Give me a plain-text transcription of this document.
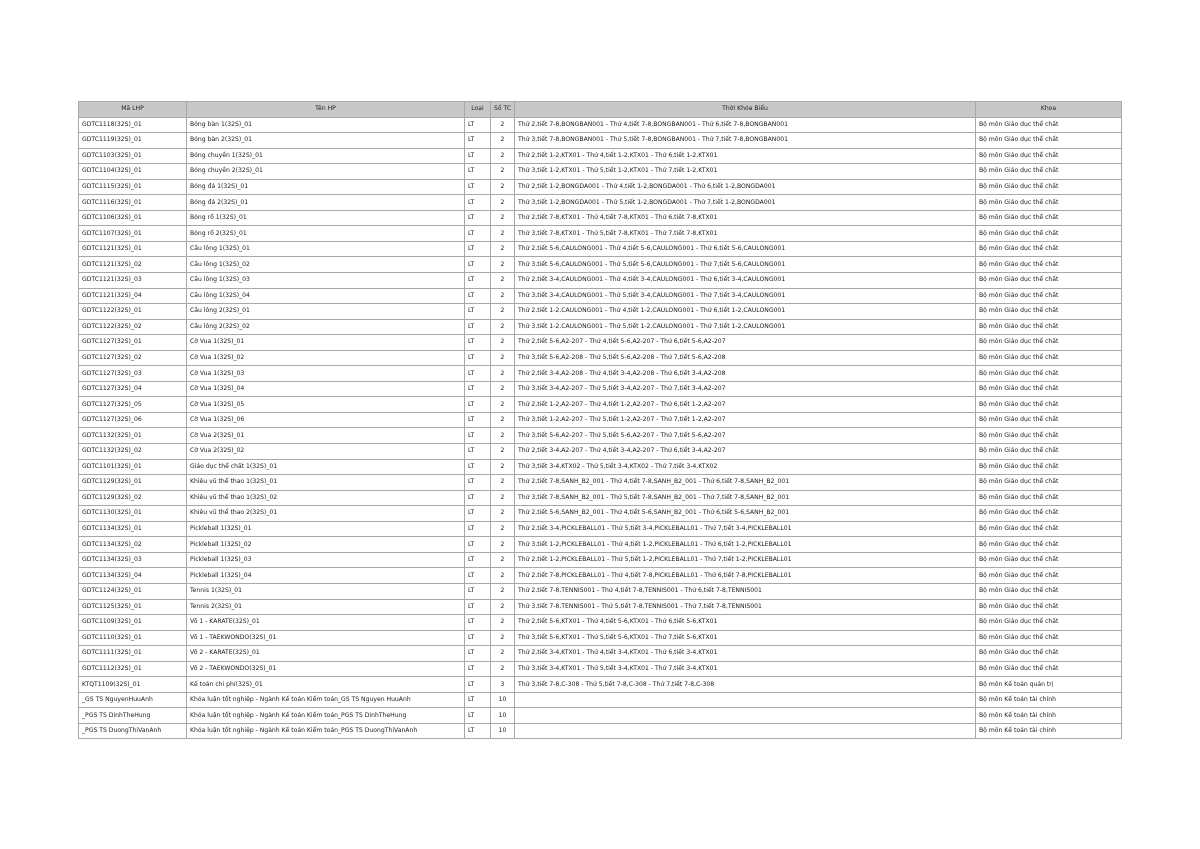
Mã LHP	Tên HP	Loại	Số TC	Thời Khóa Biểu	Khoa
GDTC1118(32S)_01	Bóng bàn 1(32S)_01	LT	2	Thứ 2,tiết 7-8,BONGBAN001 - Thứ 4,tiết 7-8,BONGBAN001 - Thứ 6,tiết 7-8,BONGBAN001	Bộ môn Giáo dục thể chất
GDTC1119(32S)_01	Bóng bàn 2(32S)_01	LT	2	Thứ 3,tiết 7-8,BONGBAN001 - Thứ 5,tiết 7-8,BONGBAN001 - Thứ 7,tiết 7-8,BONGBAN001	Bộ môn Giáo dục thể chất
GDTC1103(32S)_01	Bóng chuyền 1(32S)_01	LT	2	Thứ 2,tiết 1-2,KTX01 - Thứ 4,tiết 1-2,KTX01 - Thứ 6,tiết 1-2,KTX01	Bộ môn Giáo dục thể chất
GDTC1104(32S)_01	Bóng chuyền 2(32S)_01	LT	2	Thứ 3,tiết 1-2,KTX01 - Thứ 5,tiết 1-2,KTX01 - Thứ 7,tiết 1-2,KTX01	Bộ môn Giáo dục thể chất
GDTC1115(32S)_01	Bóng đá 1(32S)_01	LT	2	Thứ 2,tiết 1-2,BONGDA001 - Thứ 4,tiết 1-2,BONGDA001 - Thứ 6,tiết 1-2,BONGDA001	Bộ môn Giáo dục thể chất
GDTC1116(32S)_01	Bóng đá 2(32S)_01	LT	2	Thứ 3,tiết 1-2,BONGDA001 - Thứ 5,tiết 1-2,BONGDA001 - Thứ 7,tiết 1-2,BONGDA001	Bộ môn Giáo dục thể chất
GDTC1106(32S)_01	Bóng rổ 1(32S)_01	LT	2	Thứ 2,tiết 7-8,KTX01 - Thứ 4,tiết 7-8,KTX01 - Thứ 6,tiết 7-8,KTX01	Bộ môn Giáo dục thể chất
GDTC1107(32S)_01	Bóng rổ 2(32S)_01	LT	2	Thứ 3,tiết 7-8,KTX01 - Thứ 5,tiết 7-8,KTX01 - Thứ 7,tiết 7-8,KTX01	Bộ môn Giáo dục thể chất
GDTC1121(32S)_01	Cầu lông 1(32S)_01	LT	2	Thứ 2,tiết 5-6,CAULONG001 - Thứ 4,tiết 5-6,CAULONG001 - Thứ 6,tiết 5-6,CAULONG001	Bộ môn Giáo dục thể chất
GDTC1121(32S)_02	Cầu lông 1(32S)_02	LT	2	Thứ 3,tiết 5-6,CAULONG001 - Thứ 5,tiết 5-6,CAULONG001 - Thứ 7,tiết 5-6,CAULONG001	Bộ môn Giáo dục thể chất
GDTC1121(32S)_03	Cầu lông 1(32S)_03	LT	2	Thứ 2,tiết 3-4,CAULONG001 - Thứ 4,tiết 3-4,CAULONG001 - Thứ 6,tiết 3-4,CAULONG001	Bộ môn Giáo dục thể chất
GDTC1121(32S)_04	Cầu lông 1(32S)_04	LT	2	Thứ 3,tiết 3-4,CAULONG001 - Thứ 5,tiết 3-4,CAULONG001 - Thứ 7,tiết 3-4,CAULONG001	Bộ môn Giáo dục thể chất
GDTC1122(32S)_01	Cầu lông 2(32S)_01	LT	2	Thứ 2,tiết 1-2,CAULONG001 - Thứ 4,tiết 1-2,CAULONG001 - Thứ 6,tiết 1-2,CAULONG001	Bộ môn Giáo dục thể chất
GDTC1122(32S)_02	Cầu lông 2(32S)_02	LT	2	Thứ 3,tiết 1-2,CAULONG001 - Thứ 5,tiết 1-2,CAULONG001 - Thứ 7,tiết 1-2,CAULONG001	Bộ môn Giáo dục thể chất
GDTC1127(32S)_01	Cờ Vua 1(32S)_01	LT	2	Thứ 2,tiết 5-6,A2-207 - Thứ 4,tiết 5-6,A2-207 - Thứ 6,tiết 5-6,A2-207	Bộ môn Giáo dục thể chất
GDTC1127(32S)_02	Cờ Vua 1(32S)_02	LT	2	Thứ 3,tiết 5-6,A2-208 - Thứ 5,tiết 5-6,A2-208 - Thứ 7,tiết 5-6,A2-208	Bộ môn Giáo dục thể chất
GDTC1127(32S)_03	Cờ Vua 1(32S)_03	LT	2	Thứ 2,tiết 3-4,A2-208 - Thứ 4,tiết 3-4,A2-208 - Thứ 6,tiết 3-4,A2-208	Bộ môn Giáo dục thể chất
GDTC1127(32S)_04	Cờ Vua 1(32S)_04	LT	2	Thứ 3,tiết 3-4,A2-207 - Thứ 5,tiết 3-4,A2-207 - Thứ 7,tiết 3-4,A2-207	Bộ môn Giáo dục thể chất
GDTC1127(32S)_05	Cờ Vua 1(32S)_05	LT	2	Thứ 2,tiết 1-2,A2-207 - Thứ 4,tiết 1-2,A2-207 - Thứ 6,tiết 1-2,A2-207	Bộ môn Giáo dục thể chất
GDTC1127(32S)_06	Cờ Vua 1(32S)_06	LT	2	Thứ 3,tiết 1-2,A2-207 - Thứ 5,tiết 1-2,A2-207 - Thứ 7,tiết 1-2,A2-207	Bộ môn Giáo dục thể chất
GDTC1132(32S)_01	Cờ Vua 2(32S)_01	LT	2	Thứ 3,tiết 5-6,A2-207 - Thứ 5,tiết 5-6,A2-207 - Thứ 7,tiết 5-6,A2-207	Bộ môn Giáo dục thể chất
GDTC1132(32S)_02	Cờ Vua 2(32S)_02	LT	2	Thứ 2,tiết 3-4,A2-207 - Thứ 4,tiết 3-4,A2-207 - Thứ 6,tiết 3-4,A2-207	Bộ môn Giáo dục thể chất
GDTC1101(32S)_01	Giáo dục thể chất 1(32S)_01	LT	2	Thứ 3,tiết 3-4,KTX02 - Thứ 5,tiết 3-4,KTX02 - Thứ 7,tiết 3-4,KTX02	Bộ môn Giáo dục thể chất
GDTC1129(32S)_01	Khiêu vũ thể thao 1(32S)_01	LT	2	Thứ 2,tiết 7-8,SANH_B2_001 - Thứ 4,tiết 7-8,SANH_B2_001 - Thứ 6,tiết 7-8,SANH_B2_001	Bộ môn Giáo dục thể chất
GDTC1129(32S)_02	Khiêu vũ thể thao 1(32S)_02	LT	2	Thứ 3,tiết 7-8,SANH_B2_001 - Thứ 5,tiết 7-8,SANH_B2_001 - Thứ 7,tiết 7-8,SANH_B2_001	Bộ môn Giáo dục thể chất
GDTC1130(32S)_01	Khiêu vũ thể thao 2(32S)_01	LT	2	Thứ 2,tiết 5-6,SANH_B2_001 - Thứ 4,tiết 5-6,SANH_B2_001 - Thứ 6,tiết 5-6,SANH_B2_001	Bộ môn Giáo dục thể chất
GDTC1134(32S)_01	Pickleball 1(32S)_01	LT	2	Thứ 2,tiết 3-4,PICKLEBALL01 - Thứ 5,tiết 3-4,PICKLEBALL01 - Thứ 7,tiết 3-4,PICKLEBALL01	Bộ môn Giáo dục thể chất
GDTC1134(32S)_02	Pickleball 1(32S)_02	LT	2	Thứ 3,tiết 1-2,PICKLEBALL01 - Thứ 4,tiết 1-2,PICKLEBALL01 - Thứ 6,tiết 1-2,PICKLEBALL01	Bộ môn Giáo dục thể chất
GDTC1134(32S)_03	Pickleball 1(32S)_03	LT	2	Thứ 2,tiết 1-2,PICKLEBALL01 - Thứ 5,tiết 1-2,PICKLEBALL01 - Thứ 7,tiết 1-2,PICKLEBALL01	Bộ môn Giáo dục thể chất
GDTC1134(32S)_04	Pickleball 1(32S)_04	LT	2	Thứ 2,tiết 7-8,PICKLEBALL01 - Thứ 4,tiết 7-8,PICKLEBALL01 - Thứ 6,tiết 7-8,PICKLEBALL01	Bộ môn Giáo dục thể chất
GDTC1124(32S)_01	Tennis 1(32S)_01	LT	2	Thứ 2,tiết 7-8,TENNIS001 - Thứ 4,tiết 7-8,TENNIS001 - Thứ 6,tiết 7-8,TENNIS001	Bộ môn Giáo dục thể chất
GDTC1125(32S)_01	Tennis 2(32S)_01	LT	2	Thứ 3,tiết 7-8,TENNIS001 - Thứ 5,tiết 7-8,TENNIS001 - Thứ 7,tiết 7-8,TENNIS001	Bộ môn Giáo dục thể chất
GDTC1109(32S)_01	Võ 1 - KARATE(32S)_01	LT	2	Thứ 2,tiết 5-6,KTX01 - Thứ 4,tiết 5-6,KTX01 - Thứ 6,tiết 5-6,KTX01	Bộ môn Giáo dục thể chất
GDTC1110(32S)_01	Võ 1 - TAEKWONDO(32S)_01	LT	2	Thứ 3,tiết 5-6,KTX01 - Thứ 5,tiết 5-6,KTX01 - Thứ 7,tiết 5-6,KTX01	Bộ môn Giáo dục thể chất
GDTC1111(32S)_01	Võ 2 - KARATE(32S)_01	LT	2	Thứ 2,tiết 3-4,KTX01 - Thứ 4,tiết 3-4,KTX01 - Thứ 6,tiết 3-4,KTX01	Bộ môn Giáo dục thể chất
GDTC1112(32S)_01	Võ 2 - TAEKWONDO(32S)_01	LT	2	Thứ 3,tiết 3-4,KTX01 - Thứ 5,tiết 3-4,KTX01 - Thứ 7,tiết 3-4,KTX01	Bộ môn Giáo dục thể chất
KTQT1109(32S)_01	Kế toán chi phí(32S)_01	LT	3	Thứ 3,tiết 7-8,C-308 - Thứ 5,tiết 7-8,C-308 - Thứ 7,tiết 7-8,C-308	Bộ môn Kế toán quản trị
_GS TS NguyenHuuAnh	Khóa luận tốt nghiệp - Ngành Kế toán Kiểm toán_GS TS Nguyen HuuAnh	LT	10		Bộ môn Kế toán tài chính
_PGS TS DinhTheHung	Khóa luận tốt nghiệp - Ngành Kế toán Kiểm toán_PGS TS DinhTheHung	LT	10		Bộ môn Kế toán tài chính
_PGS TS DuongThiVanAnh	Khóa luận tốt nghiệp - Ngành Kế toán Kiểm toán_PGS TS DuongThiVanAnh	LT	10		Bộ môn Kế toán tài chính
